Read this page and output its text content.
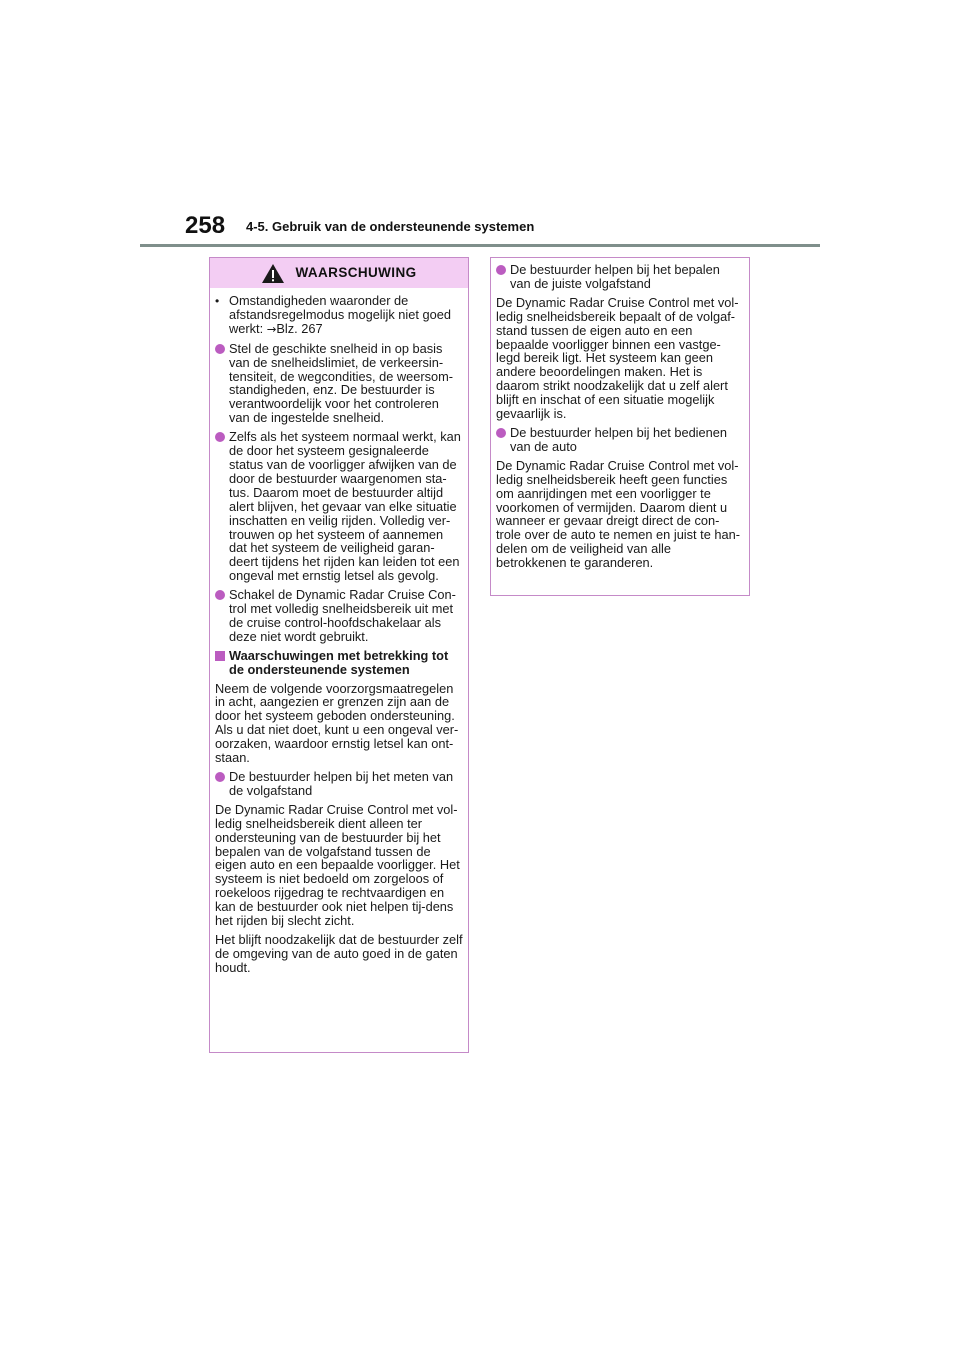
258 4-5. Gebruik van de ondersteunende systemen
WAARSCHUWING
• Omstandigheden waaronder de afstandsregelmodus mogelijk niet goed werkt: →Blz. 267
Stel de geschikte snelheid in op basis van de snelheidslimiet, de verkeersin-tensiteit, de wegcondities, de weersom-standigheden, enz. De bestuurder is verantwoordelijk voor het controleren van de ingestelde snelheid.
Zelfs als het systeem normaal werkt, kan de door het systeem gesignaleerde status van de voorligger afwijken van de door de bestuurder waargenomen sta-tus. Daarom moet de bestuurder altijd alert blijven, het gevaar van elke situatie inschatten en veilig rijden. Volledig ver-trouwen op het systeem of aannemen dat het systeem de veiligheid garan-deert tijdens het rijden kan leiden tot een ongeval met ernstig letsel als gevolg.
Schakel de Dynamic Radar Cruise Con-trol met volledig snelheidsbereik uit met de cruise control-hoofdschakelaar als deze niet wordt gebruikt.
Waarschuwingen met betrekking tot de ondersteunende systemen

Neem de volgende voorzorgsmaatregelen in acht, aangezien er grenzen zijn aan de door het systeem geboden ondersteuning. Als u dat niet doet, kunt u een ongeval ver-oorzaken, waardoor ernstig letsel kan ont-staan.

De bestuurder helpen bij het meten van de volgafstand

De Dynamic Radar Cruise Control met vol-ledig snelheidsbereik dient alleen ter ondersteuning van de bestuurder bij het bepalen van de volgafstand tussen de eigen auto en een bepaalde voorligger. Het systeem is niet bedoeld om zorgeloos of roekeloos rijgedrag te rechtvaardigen en kan de bestuurder ook niet helpen tij-dens het rijden bij slecht zicht.

Het blijft noodzakelijk dat de bestuurder zelf de omgeving van de auto goed in de gaten houdt.

De bestuurder helpen bij het bepalen van de juiste volgafstand

De Dynamic Radar Cruise Control met vol-ledig snelheidsbereik bepaalt of de volgaf-stand tussen de eigen auto en een bepaalde voorligger binnen een vastge-legd bereik ligt. Het systeem kan geen andere beoordelingen maken. Het is daarom strikt noodzakelijk dat u zelf alert blijft en inschat of een situatie mogelijk gevaarlijk is.

De bestuurder helpen bij het bedienen van de auto

De Dynamic Radar Cruise Control met vol-ledig snelheidsbereik heeft geen functies om aanrijdingen met een voorligger te voorkomen of vermijden. Daarom dient u wanneer er gevaar dreigt direct de con-trole over de auto te nemen en juist te han-delen om de veiligheid van alle betrokkenen te garanderen.
